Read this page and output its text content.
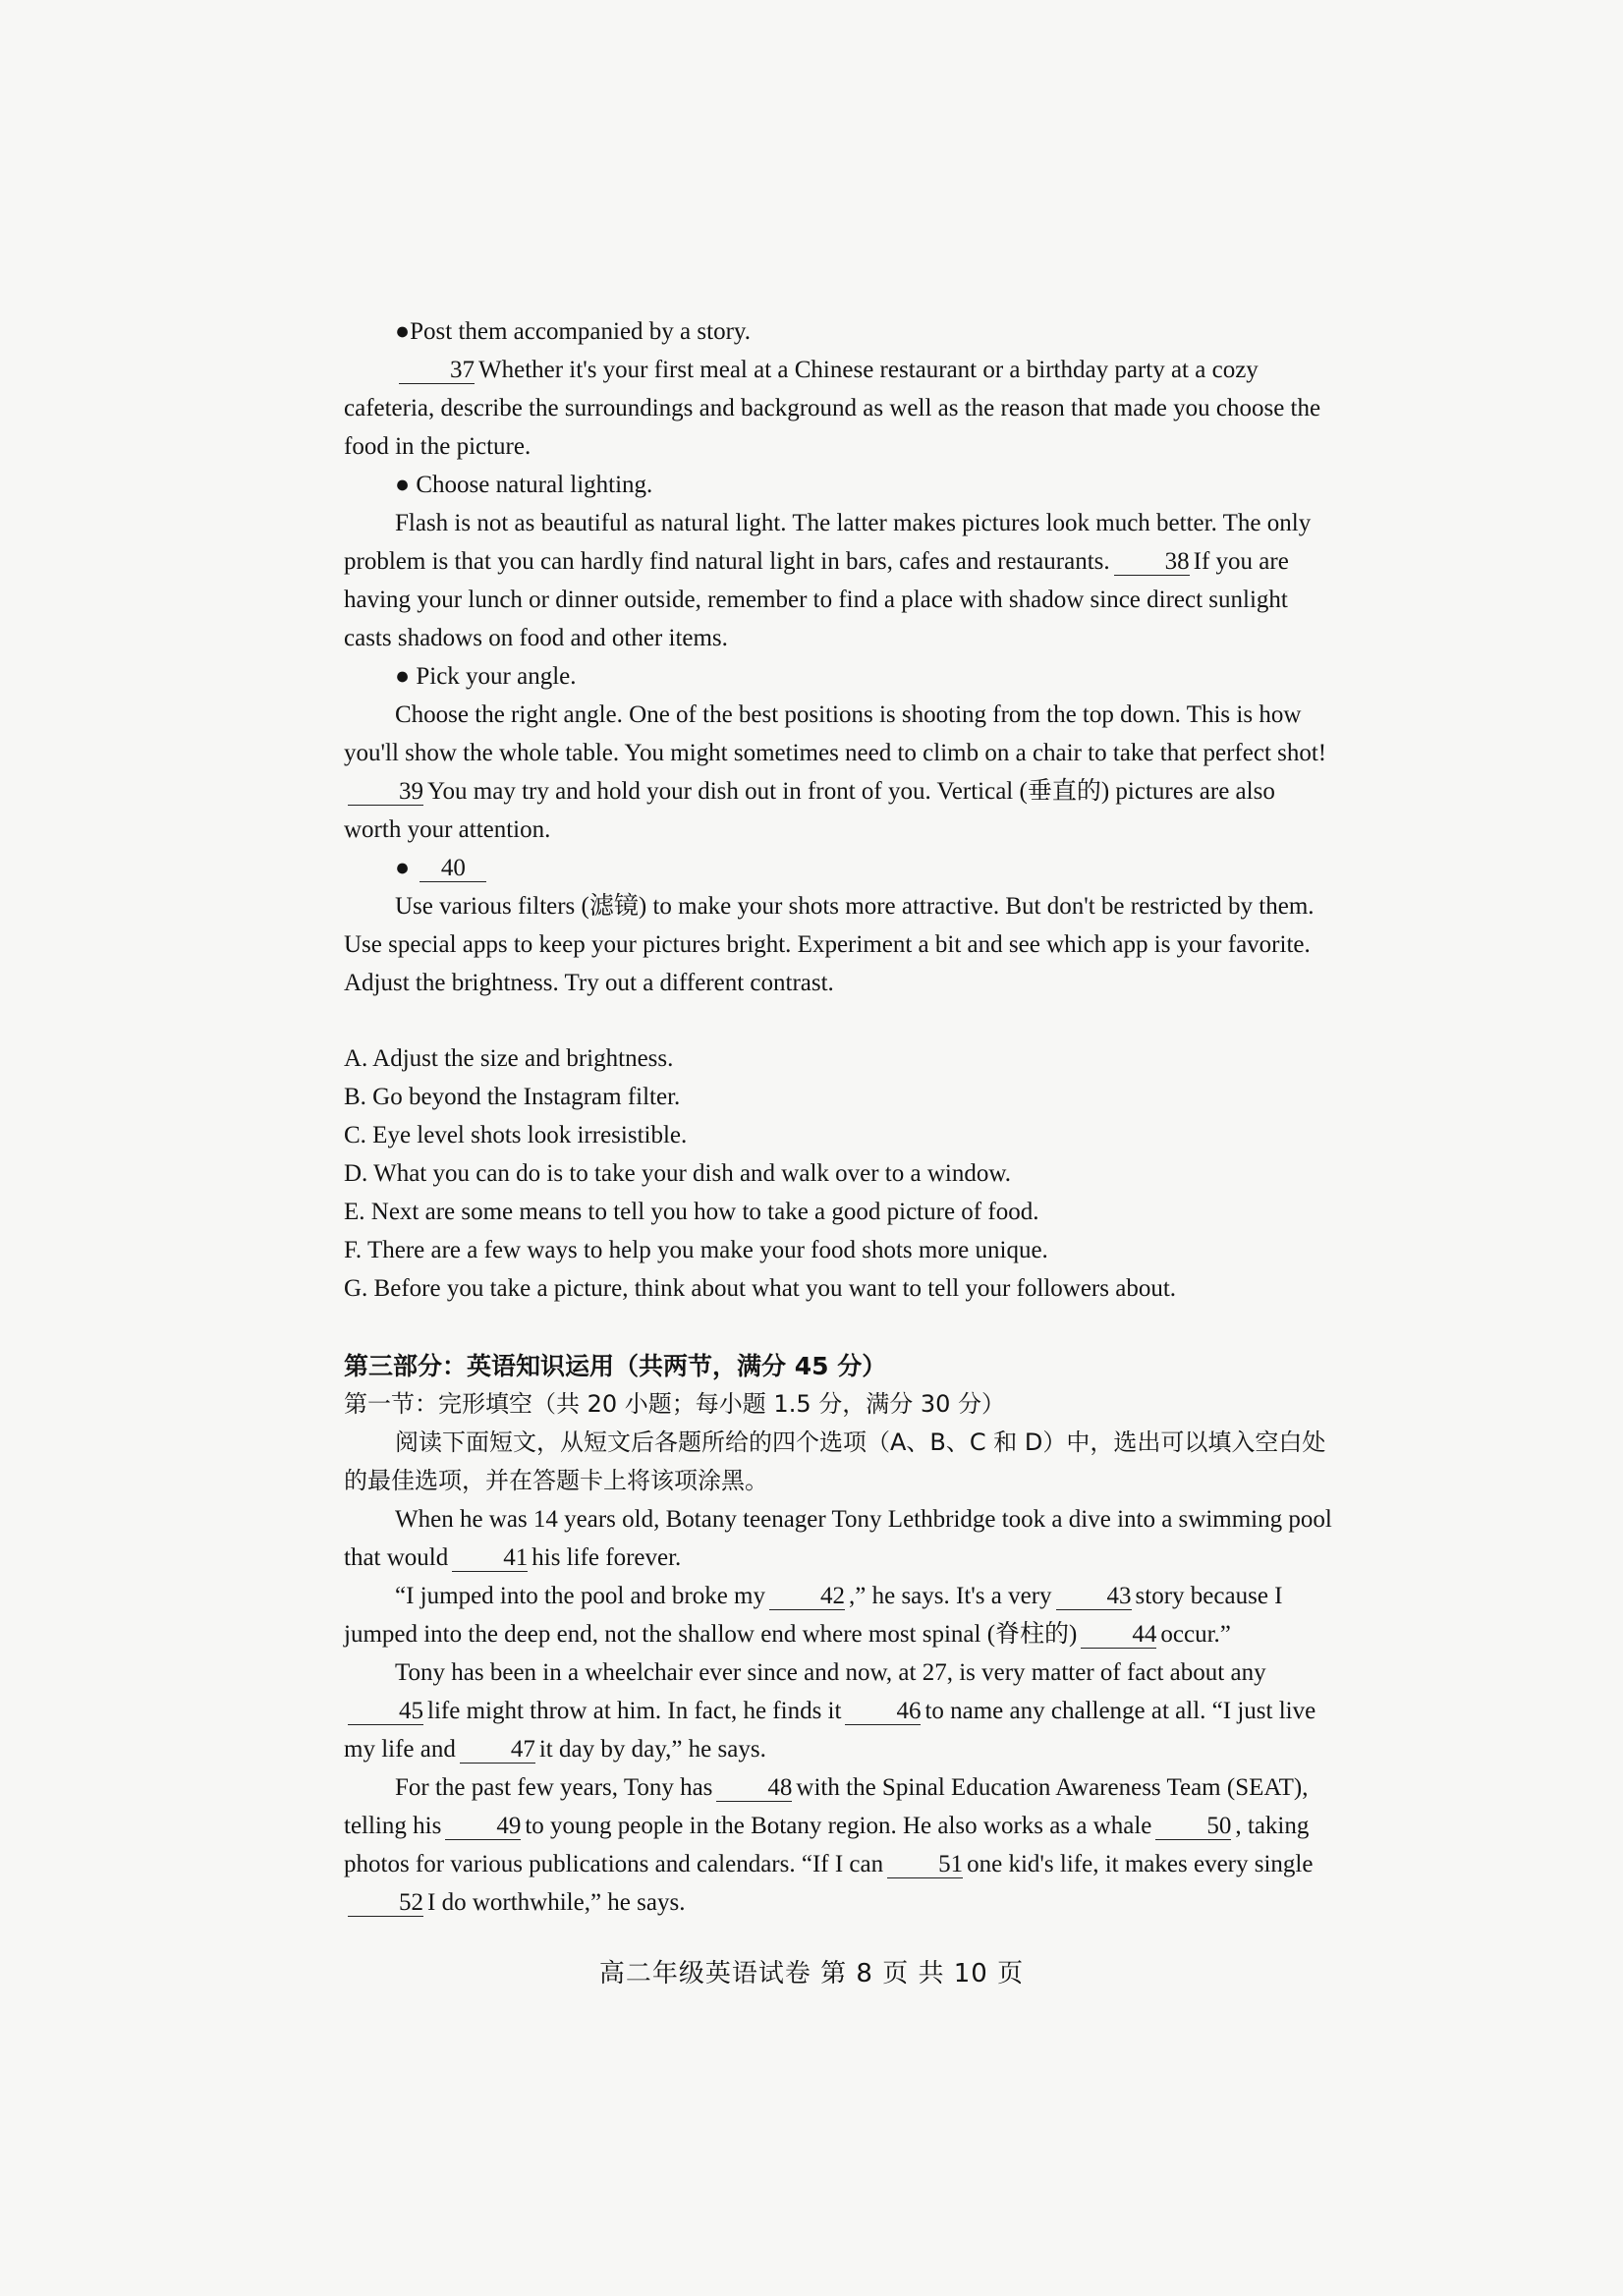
●Post them accompanied by a story.

37 Whether it's your first meal at a Chinese restaurant or a birthday party at a cozy cafeteria, describe the surroundings and background as well as the reason that made you choose the food in the picture.

● Choose natural lighting.

Flash is not as beautiful as natural light. The latter makes pictures look much better. The only problem is that you can hardly find natural light in bars, cafes and restaurants. 38 If you are having your lunch or dinner outside, remember to find a place with shadow since direct sunlight casts shadows on food and other items.

● Pick your angle.

Choose the right angle. One of the best positions is shooting from the top down. This is how you'll show the whole table. You might sometimes need to climb on a chair to take that perfect shot!39 You may try and hold your dish out in front of you. Vertical (垂直的) pictures are also worth your attention.

● 40

Use various filters (滤镜) to make your shots more attractive. But don't be restricted by them. Use special apps to keep your pictures bright. Experiment a bit and see which app is your favorite. Adjust the brightness. Try out a different contrast.

A. Adjust the size and brightness.

B. Go beyond the Instagram filter.

C. Eye level shots look irresistible.

D. What you can do is to take your dish and walk over to a window.

E. Next are some means to tell you how to take a good picture of food.

F. There are a few ways to help you make your food shots more unique.

G. Before you take a picture, think about what you want to tell your followers about.

第三部分：英语知识运用（共两节，满分 45 分）

第一节：完形填空（共 20 小题；每小题 1.5 分，满分 30 分）

阅读下面短文，从短文后各题所给的四个选项（A、B、C 和 D）中，选出可以填入空白处的最佳选项，并在答题卡上将该项涂黑。

When he was 14 years old, Botany teenager Tony Lethbridge took a dive into a swimming pool that would 41 his life forever.

“I jumped into the pool and broke my 42 ,” he says. It's a very 43 story because I jumped into the deep end, not the shallow end where most spinal (脊柱的) 44 occur.”

Tony has been in a wheelchair ever since and now, at 27, is very matter of fact about any45 life might throw at him. In fact, he finds it 46 to name any challenge at all. “I just live my life and 47 it day by day,” he says.

For the past few years, Tony has 48 with the Spinal Education Awareness Team (SEAT), telling his 49 to young people in the Botany region. He also works as a whale 50 , taking photos for various publications and calendars. “If I can 51 one kid's life, it makes every single52 I do worthwhile,” he says.

高二年级英语试卷 第 8 页 共 10 页
